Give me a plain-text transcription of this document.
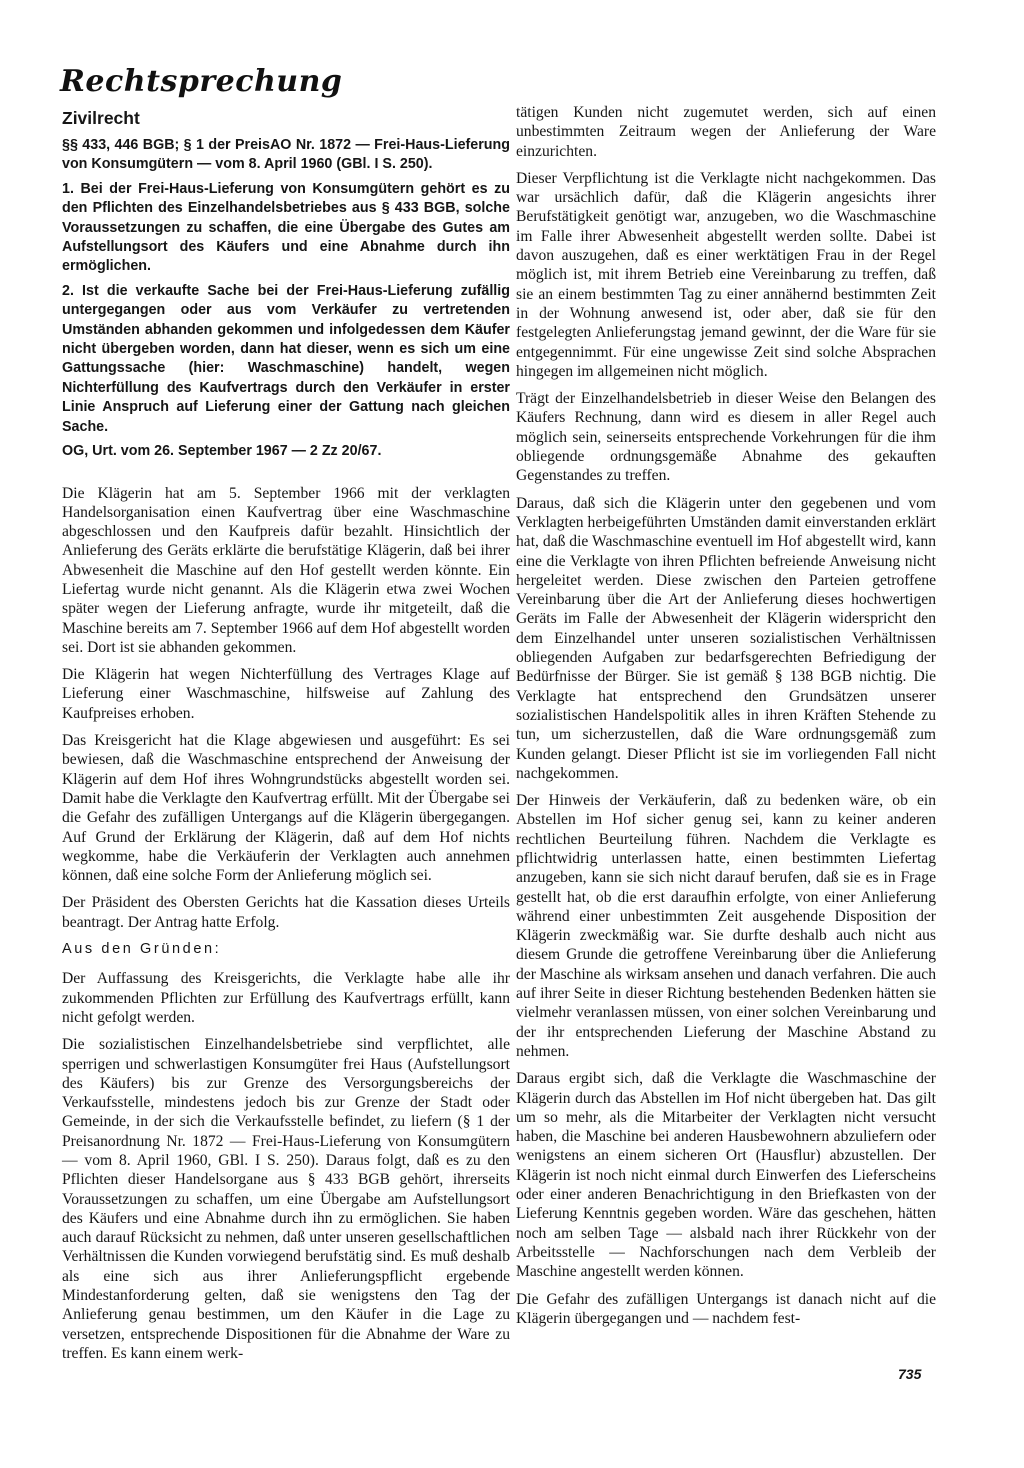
Rechtsprechung
Zivilrecht

§§ 433, 446 BGB; § 1 der PreisAO Nr. 1872 — Frei-Haus-Lieferung von Konsumgütern — vom 8. April 1960 (GBl. I S. 250).

1. Bei der Frei-Haus-Lieferung von Konsumgütern gehört es zu den Pflichten des Einzelhandelsbetriebes aus § 433 BGB, solche Voraussetzungen zu schaffen, die eine Übergabe des Gutes am Aufstellungsort des Käufers und eine Abnahme durch ihn ermöglichen.

2. Ist die verkaufte Sache bei der Frei-Haus-Lieferung zufällig untergegangen oder aus vom Verkäufer zu vertretenden Umständen abhanden gekommen und infolgedessen dem Käufer nicht übergeben worden, dann hat dieser, wenn es sich um eine Gattungssache (hier: Waschmaschine) handelt, wegen Nichterfüllung des Kaufvertrags durch den Verkäufer in erster Linie Anspruch auf Lieferung einer der Gattung nach gleichen Sache.

OG, Urt. vom 26. September 1967 — 2 Zz 20/67.

Die Klägerin hat am 5. September 1966 mit der verklagten Handelsorganisation einen Kaufvertrag über eine Waschmaschine abgeschlossen und den Kaufpreis dafür bezahlt. Hinsichtlich der Anlieferung des Geräts erklärte die berufstätige Klägerin, daß bei ihrer Abwesenheit die Maschine auf den Hof gestellt werden könnte. Ein Liefertag wurde nicht genannt. Als die Klägerin etwa zwei Wochen später wegen der Lieferung anfragte, wurde ihr mitgeteilt, daß die Maschine bereits am 7. September 1966 auf dem Hof abgestellt worden sei. Dort ist sie abhanden gekommen.

Die Klägerin hat wegen Nichterfüllung des Vertrages Klage auf Lieferung einer Waschmaschine, hilfsweise auf Zahlung des Kaufpreises erhoben.

Das Kreisgericht hat die Klage abgewiesen und ausgeführt: Es sei bewiesen, daß die Waschmaschine entsprechend der Anweisung der Klägerin auf dem Hof ihres Wohngrundstücks abgestellt worden sei. Damit habe die Verklagte den Kaufvertrag erfüllt. Mit der Übergabe sei die Gefahr des zufälligen Untergangs auf die Klägerin übergegangen. Auf Grund der Erklärung der Klägerin, daß auf dem Hof nichts wegkomme, habe die Verkäuferin der Verklagten auch annehmen können, daß eine solche Form der Anlieferung möglich sei.

Der Präsident des Obersten Gerichts hat die Kassation dieses Urteils beantragt. Der Antrag hatte Erfolg.

Aus den Gründen:

Der Auffassung des Kreisgerichts, die Verklagte habe alle ihr zukommenden Pflichten zur Erfüllung des Kaufvertrags erfüllt, kann nicht gefolgt werden.

Die sozialistischen Einzelhandelsbetriebe sind verpflichtet, alle sperrigen und schwerlastigen Konsumgüter frei Haus (Aufstellungsort des Käufers) bis zur Grenze des Versorgungsbereichs der Verkaufsstelle, mindestens jedoch bis zur Grenze der Stadt oder Gemeinde, in der sich die Verkaufsstelle befindet, zu liefern (§ 1 der Preisanordnung Nr. 1872 — Frei-Haus-Lieferung von Konsumgütern — vom 8. April 1960, GBl. I S. 250). Daraus folgt, daß es zu den Pflichten dieser Handelsorgane aus § 433 BGB gehört, ihrerseits Voraussetzungen zu schaffen, um eine Übergabe am Aufstellungsort des Käufers und eine Abnahme durch ihn zu ermöglichen. Sie haben auch darauf Rücksicht zu nehmen, daß unter unseren gesellschaftlichen Verhältnissen die Kunden vorwiegend berufstätig sind. Es muß deshalb als eine sich aus ihrer Anlieferungspflicht ergebende Mindestanforderung gelten, daß sie wenigstens den Tag der Anlieferung genau bestimmen, um den Käufer in die Lage zu versetzen, entsprechende Dispositionen für die Abnahme der Ware zu treffen. Es kann einem werk-

tätigen Kunden nicht zugemutet werden, sich auf einen unbestimmten Zeitraum wegen der Anlieferung der Ware einzurichten.

Dieser Verpflichtung ist die Verklagte nicht nachgekommen. Das war ursächlich dafür, daß die Klägerin angesichts ihrer Berufstätigkeit genötigt war, anzugeben, wo die Waschmaschine im Falle ihrer Abwesenheit abgestellt werden sollte. Dabei ist davon auszugehen, daß es einer werktätigen Frau in der Regel möglich ist, mit ihrem Betrieb eine Vereinbarung zu treffen, daß sie an einem bestimmten Tag zu einer annähernd bestimmten Zeit in der Wohnung anwesend ist, oder aber, daß sie für den festgelegten Anlieferungstag jemand gewinnt, der die Ware für sie entgegennimmt. Für eine ungewisse Zeit sind solche Absprachen hingegen im allgemeinen nicht möglich.

Trägt der Einzelhandelsbetrieb in dieser Weise den Belangen des Käufers Rechnung, dann wird es diesem in aller Regel auch möglich sein, seinerseits entsprechende Vorkehrungen für die ihm obliegende ordnungsgemäße Abnahme des gekauften Gegenstandes zu treffen.

Daraus, daß sich die Klägerin unter den gegebenen und vom Verklagten herbeigeführten Umständen damit einverstanden erklärt hat, daß die Waschmaschine eventuell im Hof abgestellt wird, kann eine die Verklagte von ihren Pflichten befreiende Anweisung nicht hergeleitet werden. Diese zwischen den Parteien getroffene Vereinbarung über die Art der Anlieferung dieses hochwertigen Geräts im Falle der Abwesenheit der Klägerin widerspricht den dem Einzelhandel unter unseren sozialistischen Verhältnissen obliegenden Aufgaben zur bedarfsgerechten Befriedigung der Bedürfnisse der Bürger. Sie ist gemäß § 138 BGB nichtig. Die Verklagte hat entsprechend den Grundsätzen unserer sozialistischen Handelspolitik alles in ihren Kräften Stehende zu tun, um sicherzustellen, daß die Ware ordnungsgemäß zum Kunden gelangt. Dieser Pflicht ist sie im vorliegenden Fall nicht nachgekommen.

Der Hinweis der Verkäuferin, daß zu bedenken wäre, ob ein Abstellen im Hof sicher genug sei, kann zu keiner anderen rechtlichen Beurteilung führen. Nachdem die Verklagte es pflichtwidrig unterlassen hatte, einen bestimmten Liefertag anzugeben, kann sie sich nicht darauf berufen, daß sie es in Frage gestellt hat, ob die erst daraufhin erfolgte, von einer Anlieferung während einer unbestimmten Zeit ausgehende Disposition der Klägerin zweckmäßig war. Sie durfte deshalb auch nicht aus diesem Grunde die getroffene Vereinbarung über die Anlieferung der Maschine als wirksam ansehen und danach verfahren. Die auch auf ihrer Seite in dieser Richtung bestehenden Bedenken hätten sie vielmehr veranlassen müssen, von einer solchen Vereinbarung und der ihr entsprechenden Lieferung der Maschine Abstand zu nehmen.

Daraus ergibt sich, daß die Verklagte die Waschmaschine der Klägerin durch das Abstellen im Hof nicht übergeben hat. Das gilt um so mehr, als die Mitarbeiter der Verklagten nicht versucht haben, die Maschine bei anderen Hausbewohnern abzuliefern oder wenigstens an einem sicheren Ort (Hausflur) abzustellen. Der Klägerin ist noch nicht einmal durch Einwerfen des Lieferscheins oder einer anderen Benachrichtigung in den Briefkasten von der Lieferung Kenntnis gegeben worden. Wäre das geschehen, hätten noch am selben Tage — alsbald nach ihrer Rückkehr von der Arbeitsstelle — Nachforschungen nach dem Verbleib der Maschine angestellt werden können.

Die Gefahr des zufälligen Untergangs ist danach nicht auf die Klägerin übergegangen und — nachdem fest-

735
